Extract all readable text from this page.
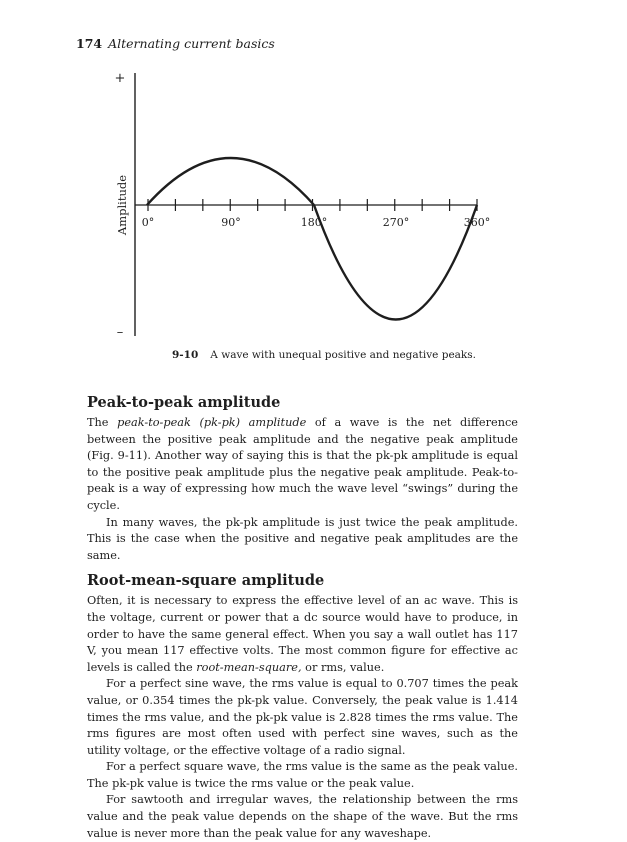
174 Alternating current basics
+
–
Amplitude 0°	90°	180°	270°	360°
9-10 A wave with unequal positive and negative peaks.
Peak-to-peak amplitude

The peak-to-peak (pk-pk) amplitude of a wave is the net difference between the positive peak amplitude and the negative peak amplitude (Fig. 9-11). Another way of saying this is that the pk-pk amplitude is equal to the positive peak amplitude plus the negative peak amplitude. Peak-to-peak is a way of expressing how much the wave level “swings” during the cycle.

In many waves, the pk-pk amplitude is just twice the peak amplitude. This is the case when the positive and negative peak amplitudes are the same.

Root-mean-square amplitude

Often, it is necessary to express the effective level of an ac wave. This is the voltage, current or power that a dc source would have to produce, in order to have the same general effect. When you say a wall outlet has 117 V, you mean 117 effective volts. The most common figure for effective ac levels is called the root-mean-square, or rms, value.

For a perfect sine wave, the rms value is equal to 0.707 times the peak value, or 0.354 times the pk-pk value. Conversely, the peak value is 1.414 times the rms value, and the pk-pk value is 2.828 times the rms value. The rms figures are most often used with perfect sine waves, such as the utility voltage, or the effective voltage of a radio signal.

For a perfect square wave, the rms value is the same as the peak value. The pk-pk value is twice the rms value or the peak value.

For sawtooth and irregular waves, the relationship between the rms value and the peak value depends on the shape of the wave. But the rms value is never more than the peak value for any waveshape.
